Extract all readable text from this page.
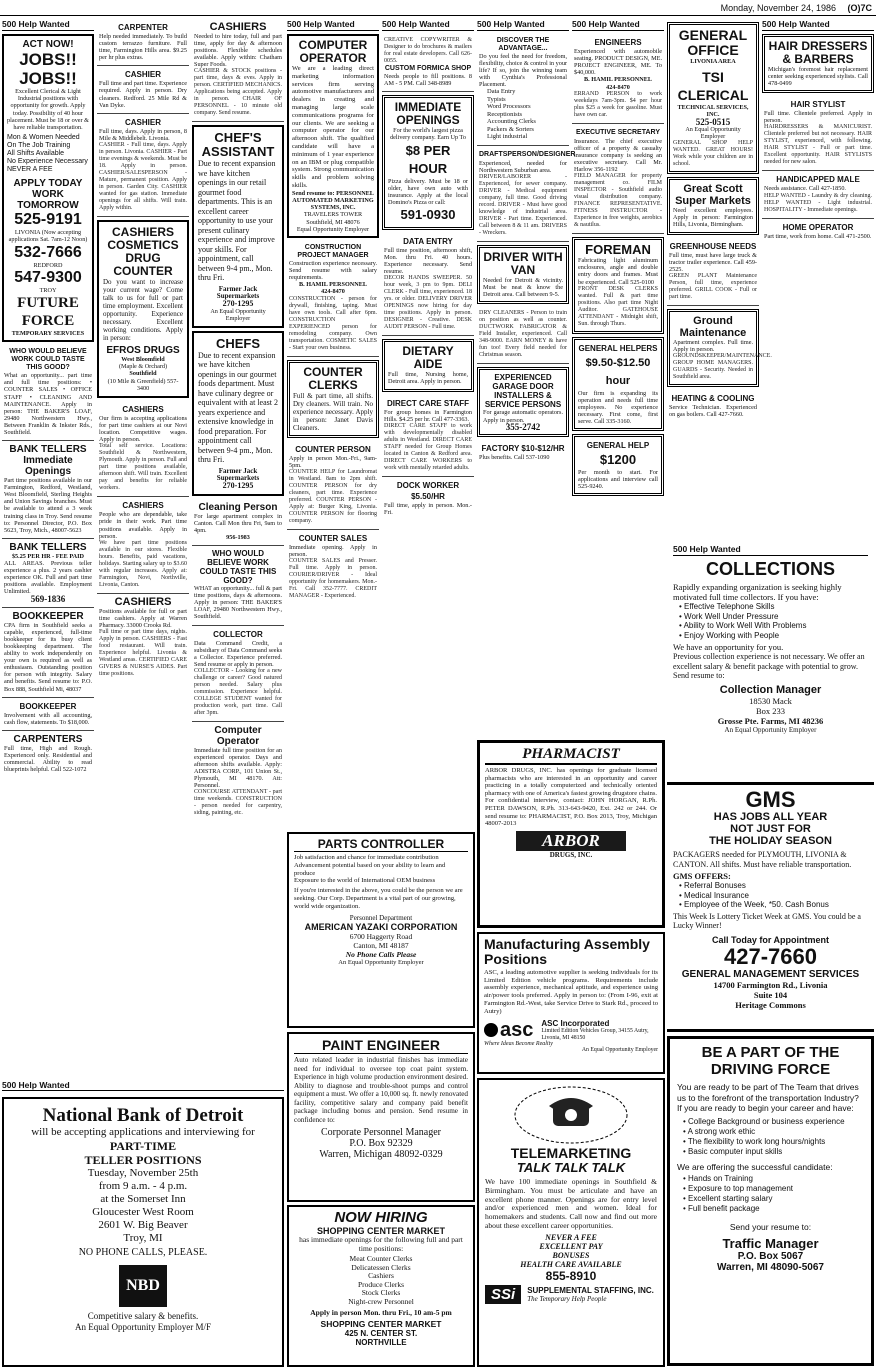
Monday, November 24, 1986 (O)7C
500 Help Wanted
ACT NOW!
JOBS!! JOBS!!
Excellent Clerical & Light Industrial positions with opportunity for growth. Apply today. Possibility of 40 hour placement. Must be 18 or over & have reliable transportation.
Mon & Women Needed
On The Job Training
All Shifts Available
No Experience Necessary
NEVER A FEE
APPLY TODAY WORK TOMORROW
525-9191
LIVONIA (Now accepting applications Sat. 7am-12 Noon)
532-7666
REDFORD
547-9300
TROY
FUTURE FORCE
TEMPORARY SERVICES
WHO WOULD BELIEVE WORK COULD TASTE THIS GOOD?
What an opportunity... part time and full time positions: • COUNTER SALES • OFFICE STAFF • CLEANING AND MAINTENANCE. Apply in person: THE BAKER'S LOAF, 29480 Northwestern Hwy., Between Franklin & Inkster Rds., Southfield.
BANK TELLERS Immediate Openings
Part time positions available in our Farmington, Redford, Westland, West Bloomfield, Sterling Heights and Union Savings branches. Must be available to attend a 3 week training class in Troy. Send resume to: Personnel Director, P.O. Box 5623, Troy, Mich., 48007-5623
BANK TELLERS
$5.25 PER HR - FEE PAID
ALL AREAS. Previous teller experience a plus. 2 years cashier experience OK. Full and part time positions available. Employment Unlimited.
569-1836
BOOKKEEPER
CPA firm in Southfield seeks a capable, experienced, full-time bookkeeper for its busy client bookkeeping department. The ability to work independently on your own is required as well as enthusiasm. Outstanding position for person with integrity. Salary and benefits. Send resume to: P.O. Box 888, Southfield Mi, 48037
BOOKKEEPER
Involvement with all accounting, cash flow, statements. To $18,000.
CARPENTERS
Full time, High and Rough. Experienced only. Residential and commercial. Ability to read blueprints helpful. Call 522-1072
CARPENTER
Help needed immediately. To build custom terrazzo furniture. Full time, Farmington Hills area. $9.25 per hr plus extras.
CASHIER
Full time and part time. Experience required. Apply in person. Dry cleaners. Redford. 25 Mile Rd & Van Dyke.
CASHIER
Full time, days. Apply in person, 8 Mile & Middlebelt. Livonia.
CASHIER - Full time, days. Apply in person. Livonia. CASHIER - Part time evenings & weekends. Must be 18. Apply in person. CASHIER/SALESPERSON - Mature, permanent position. Apply in person. Garden City. CASHIER wanted for gas station. Immediate openings for all shifts. Will train. Apply within.
CASHIERS COSMETICS DRUG COUNTER
Do you want to increase your current wage? Come talk to us for full or part time employment. Excellent opportunity. Experience necessary. Excellent working conditions. Apply in person:
EFROS DRUGS
West Bloomfield
(Maple & Orchard)
Southfield
(10 Mile & Greenfield) 557-3400
CASHIERS
Our firm is accepting applications for part time cashiers at our Novi location. Competitive wages. Apply in person.
Total self service. Locations: Southfield & Northwestern, Plymouth. Apply in person. Full and part time positions available, afternoon shift. Will train. Excellent pay and benefits for reliable workers.
CASHIERS
People who are dependable, take pride in their work. Part time positions available. Apply in person.
We have part time positions available in our stores. Flexible hours. Benefits, paid vacations, holidays. Starting salary up to $3.60 with regular increases. Apply at: Farmington, Novi, Northville, Livonia, Canton.
CASHIERS
Positions available for full or part time cashiers. Apply at Warren Pharmacy. 33000 Crooks Rd.
Full time or part time days, nights. Apply in person. CASHIERS - Fast food restaurant. Will train. Experience helpful. Livonia & Westland areas. CERTIFIED CARE GIVERS & NURSE'S AIDES. Part time positions.
CASHIERS
Needed to hire today, full and part time, apply for day & afternoon positions. Flexible schedules available. Apply within: Chatham Super Foods.
CASHIER & STOCK positions - part time, days & eves. Apply in person. CERTIFIED MECHANICS. Applications being accepted. Apply in person. CHAIR OF PERSONNEL - 10 minute old company. Send resume.
CHEF'S ASSISTANT
Due to recent expansion we have kitchen openings in our retail gourmet food departments. This is an excellent career opportunity to use your present culinary experience and improve your skills. For appointment, call between 9-4 pm., Mon. thru Fri.
Farmer Jack Supermarkets
270-1295
An Equal Opportunity Employer
CHEFS
Due to recent expansion we have kitchen openings in our gourmet foods department. Must have culinary degree or equivalent with at least 2 years experience and extensive knowledge in food preparation. For appointment call between 9-4 pm., Mon. thru Fri.
Farmer Jack Supermarkets
270-1295
Cleaning Person
For large apartment complex in Canton. Call Mon thru Fri, 9am to 4pm.
956-1983
WHO WOULD BELIEVE WORK COULD TASTE THIS GOOD?
WHAT an opportunity... full & part time positions, days & afternoons. Apply in person: THE BAKER'S LOAF, 29480 Northwestern Hwy., Southfield.
COLLECTOR
Data Command Credit, a subsidiary of Data Command seeks a Collector. Experience preferred. Send resume or apply in person.
COLLECTOR - Looking for a new challenge or career? Good natured person needed. Salary plus commission. Experience helpful. COLLEGE STUDENT wanted for production work, part time. Call after 3pm.
Computer Operator
Immediate full time position for an experienced operator. Days and afternoon shifts available. Apply: ADISTRA CORP., 101 Union St., Plymouth, MI 48170. Att: Personnel.
CONCOURSE ATTENDANT - part time weekends. CONSTRUCTION - person needed for carpentry, siding, painting, etc.
500 Help Wanted
COMPUTER OPERATOR
We are a leading direct marketing information services firm serving automotive manufacturers and dealers in creating and managing large scale communications programs for our clients. We are seeking a computer operator for our afternoon shift. The qualified candidate will have a minimum of 1 year experience on an IBM or plug compatible system. Strong communication skills and problem solving skills.
Send resume to: PERSONNEL
AUTOMATED MARKETING SYSTEMS, INC.
TRAVELERS TOWER
Southfield, MI 48076
Equal Opportunity Employer
CONSTRUCTION PROJECT MANAGER
Construction experience necessary. Send resume with salary requirements.
B. HAMIL PERSONNEL
424-8470
CONSTRUCTION - person for drywall, finishing, taping. Must have own tools. Call after 6pm. CONSTRUCTION EXPERIENCED person for remodeling company. Own transportation. COSMETIC SALES - Start your own business.
COUNTER CLERKS
Full & part time, all shifts. Dry cleaners. Will train. No experience necessary. Apply in person: Janet Davis Cleaners.
COUNTER PERSON
Apply in person Mon.-Fri., 9am-5pm.
COUNTER HELP for Laundromat in Westland. 8am to 2pm shift. COUNTER PERSON for dry cleaners, part time. Experience preferred. COUNTER PERSON - Apply at: Burger King, Livonia. COUNTER PERSON for flooring company.
COUNTER SALES
Immediate opening. Apply in person.
COUNTER SALES and Presser. Full time. Apply in person. COURIER/DRIVER - Ideal opportunity for homemakers. Mon.-Fri. Call 352-7777. CREDIT MANAGER - Experienced.
500 Help Wanted
CREATIVE COPYWRITER & Designer to do brochures & mailers for real estate developers. Call 626-0055.
CUSTOM FORMICA SHOP
Needs people to fill positions. 8 AM - 5 PM. Call 348-8989
IMMEDIATE OPENINGS
For the world's largest pizza delivery company. Earn Up To
$8 PER HOUR
Pizza delivery. Must be 18 or older, have own auto with insurance. Apply at the local Domino's Pizza or call:
591-0930
DATA ENTRY
Full time position, afternoon shift, Mon. thru Fri. 40 hours. Experience necessary. Send resume.
DECOR HANDS SWEEPER. 50 hour week, 3 pm to 9pm. DELI CLERK - Full time, experienced. 18 yrs. or older. DELIVERY DRIVER OPENINGS now hiring for day time positions. Apply in person. DESIGNER - Creative. DESK AUDIT PERSON - Full time.
DIETARY AIDE
Full time, Nursing home, Detroit area. Apply in person.
DIRECT CARE STAFF
For group homes in Farmington Hills. $4.25 per hr. Call 477-3363.
DIRECT CARE STAFF to work with developmentally disabled adults in Westland. DIRECT CARE STAFF needed for Group Homes located in Canton & Redford area. DIRECT CARE WORKERS to work with mentally retarded adults.
DOCK WORKER $5.50/HR
Full time, apply in person. Mon.-Fri.
500 Help Wanted
DISCOVER THE ADVANTAGE...
Do you feel the need for freedom, flexibility, choice & control in your life? If so, join the winning team with Cynthia's Professional Placement.
Data Entry
Typists
Word Processors
Receptionists
Accounting Clerks
Packers & Sorters
Light industrial
DRAFTSPERSON/DESIGNER
Experienced, needed for Northwestern Suburban area.
DRIVER/LABORER - Experienced, for sewer company. DRIVER - Medical equipment company, full time. Good driving record. DRIVER - Must have good knowledge of industrial area. DRIVER - Part time. Experienced. Call between 8 & 11 am. DRIVERS - Wreckers.
DRIVER WITH VAN
Needed for Detroit & vicinity. Must be neat & know the Detroit area. Call between 9-5.
DRY CLEANERS - Person to train on position as well as counter. DUCTWORK FABRICATOR & Field Installer, experienced. Call 348-9000. EARN MONEY & have fun too! Every field needed for Christmas season.
EXPERIENCED GARAGE DOOR INSTALLERS & SERVICE PERSONS
For garage automatic operators. Apply in person.
355-2742
FACTORY $10-$12/HR
Plus benefits. Call 537-1090
500 Help Wanted
ENGINEERS
Experienced with automobile seating. PRODUCT DESIGN, ME. PROJECT ENGINEER, ME. To $40,000.
B. HAMIL PERSONNEL
424-8470
ERRAND PERSON to work weekdays 7am-3pm. $4 per hour plus $25 a week for gasoline. Must have own car.
EXECUTIVE SECRETARY
Insurance. The chief executive officer of a property & casualty insurance company is seeking an executive secretary. Call Mr. Harlow 356-1192
FIELD MANAGER for property management co. FILM INSPECTOR - Southfield audio visual distribution company. FINANCE REPRESENTATIVE. FITNESS INSTRUCTOR - Experience in free weights, aerobics & nautilus.
FOREMAN
Fabricating light aluminum enclosures, angle and double entry doors and frames. Must be experienced. Call 525-0100
FRONT DESK CLERKS wanted. Full & part time positions. Also part time Night Auditor. GATEHOUSE ATTENDANT - Midnight shift, Sun. through Thurs.
GENERAL HELPERS
$9.50-$12.50 hour
Our firm is expanding its operation and needs full time employees. No experience necessary. First come, first serve. Call 335-3160.
GENERAL HELP
$1200
Per month to start. For applications and interview call 525-9240.
GENERAL OFFICE
LIVONIA AREA
TSI CLERICAL
TECHNICAL SERVICES, INC.
525-0515
An Equal Opportunity Employer
GENERAL SHOP HELP WANTED. GREAT HOURS! Work while your children are in school.
Great Scott Super Markets
Need excellent employees. Apply in person: Farmington Hills, Livonia, Birmingham.
GREENHOUSE NEEDS
Full time, must have large truck & tractor trailer experience. Call 459-2525.
GREEN PLANT Maintenance Person, full time, experience preferred. GRILL COOK - Full or part time.
Ground Maintenance
Apartment complex. Full time. Apply in person.
GROUNDSKEEPER/MAINTENANCE. GROUP HOME MANAGERS. GUARDS - Security. Needed in Southfield area.
HEATING & COOLING
Service Technician. Experienced on gas boilers. Call 427-7660.
500 Help Wanted
HAIR DRESSERS & BARBERS
Michigan's foremost hair replacement center seeking experienced stylists. Call 478-0499
HAIR STYLIST
Full time. Clientele preferred. Apply in person.
HAIRDRESSERS & MANICURIST. Clientele preferred but not necessary. HAIR STYLIST, experienced, with following. HAIR STYLIST - Full or part time. Excellent opportunity. HAIR STYLISTS needed for new salon.
HANDICAPPED MALE
Needs assistance. Call 427-1850.
HELP WANTED - Laundry & dry cleaning. HELP WANTED - Light industrial. HOSPITALITY - Immediate openings.
HOME OPERATOR
Part time, work from home. Call 471-2500.
500 Help Wanted
COLLECTIONS
Rapidly expanding organization is seeking highly motivated full time collectors. If you have:
• Effective Telephone Skills
• Work Well Under Pressure
• Ability to Work Well With Problems
• Enjoy Working with People
We have an opportunity for you.
Previous collection experience is not necessary. We offer an excellent salary & benefit package with potential to grow. Send resume to:
Collection Manager
18530 Mack
Box 233
Grosse Pte. Farms, MI 48236
An Equal Opportunity Employer
GMS
HAS JOBS ALL YEAR
NOT JUST FOR
THE HOLIDAY SEASON
PACKAGERS needed for PLYMOUTH, LIVONIA & CANTON. All shifts. Must have reliable transportation.
GMS OFFERS:
• Referral Bonuses
• Medical Insurance
• Employee of the Week, *50. Cash Bonus
This Week Is Lottery Ticket Week at GMS. You could be a Lucky Winner!
Call Today for Appointment
427-7660
GENERAL MANAGEMENT SERVICES
14700 Farmington Rd., Livonia
Suite 104
Heritage Commons
BE A PART OF THE DRIVING FORCE
You are ready to be part of The Team that drives us to the forefront of the transportation Industry? If you are ready to begin your career and have:
• College Background or business experience
• A strong work ethic
• The flexibility to work long hours/nights
• Basic computer input skills
We are offering the successful candidate:
• Hands on Training
• Exposure to top management
• Excellent starting salary
• Full benefit package
Send your resume to:
Traffic Manager
P.O. Box 5067
Warren, MI 48090-5067
PHARMACIST
ARBOR DRUGS, INC. has openings for graduate licensed pharmacists who are interested in an opportunity and career practicing in a totally computerized and technically oriented pharmacy with one of America's fastest growing drugstore chains. For confidential interview, contact: JOHN HORGAN, R.Ph. PETER DAWSON, R.Ph. 313-643-9420, Ext. 242 or 244. Or send resume to: PHARMACIST, P.O. Box 2013, Troy, Michigan 48007-2013
ARBOR
DRUGS, INC.
PARTS CONTROLLER
Job satisfaction and chance for immediate contribution
Advancement potential based on your ability to learn and produce
Exposure to the world of International OEM business
If you're interested in the above, you could be the person we are seeking. Our Corp. Department is a vital part of our growing, world wide organization.
Personnel Department
AMERICAN YAZAKI CORPORATION
6700 Haggerty Road
Canton, MI 48187
No Phone Calls Please
An Equal Opportunity Employer
Manufacturing Assembly Positions
ASC, a leading automotive supplier is seeking individuals for its Limited Edition vehicle programs. Requirements include assembly experience, mechanical aptitude, and experience using air/power tools preferred. Apply in person to: (From I-96, exit at Farmington Rd.-West, take Service Drive to Stark Rd., proceed to Autry)
asc ASC Incorporated
Limited Edition Vehicles Group, 34155 Autry, Livonia, MI 48150
Where Ideas Become Reality
An Equal Opportunity Employer
PAINT ENGINEER
Auto related leader in industrial finishes has immediate need for individual to oversee top coat paint system. Experience in high volume production environment desired. Ability to diagnose and trouble-shoot pumps and control equipment a must. We offer a 10,000 sq. ft. newly renovated facility, competitive salary and company paid benefit package including bonus and pension. Send resume in confidence to:
Corporate Personnel Manager
P.O. Box 92329
Warren, Michigan 48092-0329
NOW HIRING
SHOPPING CENTER MARKET
has immediate openings for the following full and part time positions:
Meat Counter Clerks
Delicatessen Clerks
Cashiers
Produce Clerks
Stock Clerks
Night-crew Personnel
Apply in person Mon. thru Fri., 10 am-5 pm
SHOPPING CENTER MARKET
425 N. CENTER ST.
NORTHVILLE
TELEMARKETING
TALK TALK TALK
We have 100 immediate openings in Southfield & Birmingham. You must be articulate and have an excellent phone manner. Openings are for entry level and/or experienced men and women. Ideal for homemakers and students. Call now and find out more about these excellent career opportunities.
NEVER A FEE
EXCELLENT PAY
BONUSES
HEALTH CARE AVAILABLE
855-8910
SSi	SUPPLEMENTAL STAFFING, INC.
The Temporary Help People
National Bank of Detroit
will be accepting applications and interviewing for
PART-TIME
TELLER POSITIONS
Tuesday, November 25th
from 9 a.m. - 4 p.m.
at the Somerset Inn
Gloucester West Room
2601 W. Big Beaver
Troy, MI
NO PHONE CALLS, PLEASE.
NBD
Competitive salary & benefits.
An Equal Opportunity Employer M/F
500 Help Wanted
